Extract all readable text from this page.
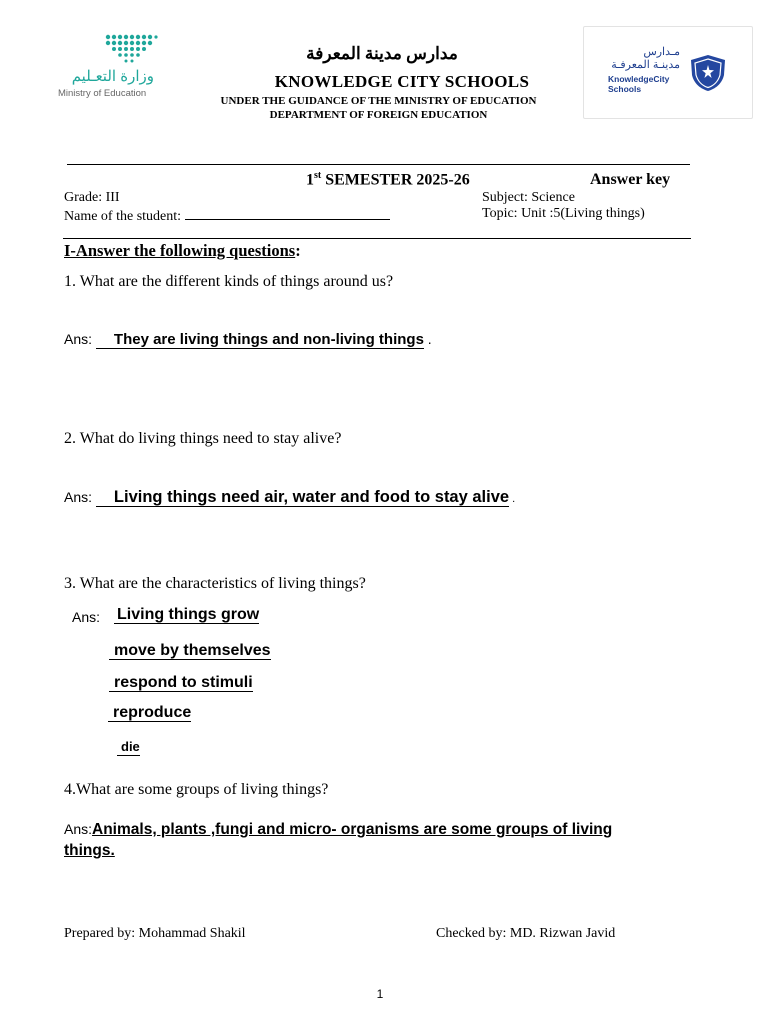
وزارة التعـليم
Ministry of Education
مدارس مدينة المعرفة
KNOWLEDGE CITY SCHOOLS
UNDER THE GUIDANCE OF THE MINISTRY OF EDUCATION
DEPARTMENT OF FOREIGN EDUCATION
مـدارس
مدينـة المعرفـة
KnowledgeCity
Schools
1st SEMESTER 2025-26	Answer key
Grade: III	Subject: Science
Name of the student:	Topic: Unit :5(Living things)
I-Answer the following questions:
1. What are the different kinds of things around us?
Ans: They are living things and non-living things .
2. What do living things need to stay alive?
Ans: Living things need air, water and food to stay alive .
3. What are the characteristics of living things?
Ans: Living things grow
move by themselves
respond to stimuli
reproduce
die
4.What are some groups of living things?
Ans:Animals, plants ,fungi and micro- organisms are some groups of living
things.
Prepared by: Mohammad Shakil	Checked by: MD. Rizwan Javid
1
